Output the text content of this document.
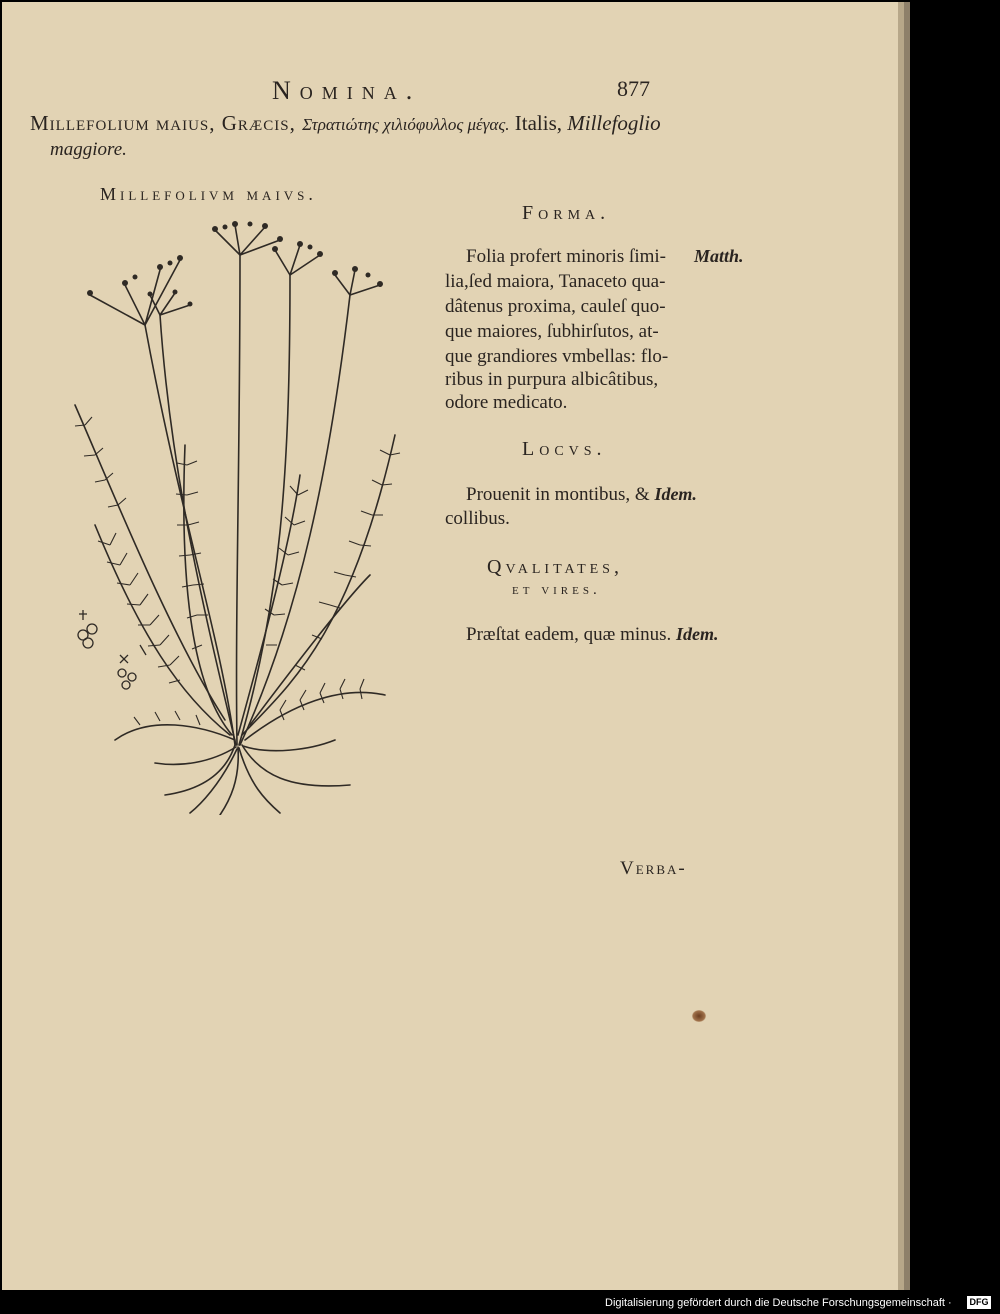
Nomina.	877
Millefolium maius, Græcis, Στρατιώτης χιλιόφυλλος μέγας. Italis, Millefoglio
maggiore.
Millefolivm maivs.
Forma.
Folia profert minoris ſimi- Matth.
lia,ſed maiora, Tanaceto qua-
dâtenus proxima, cauleſ quo-
que maiores, ſubhirſutos, at-
que grandiores vmbellas: flo-
ribus in purpura albicâtibus,
odore medicato.
Locvs.
Prouenit in montibus, & Idem.
collibus.
Qvalitates,
et vires.
Præſtat eadem, quæ minus. Idem.
Verba-
Digitalisierung gefördert durch die Deutsche Forschungsgemeinschaft · DFG
